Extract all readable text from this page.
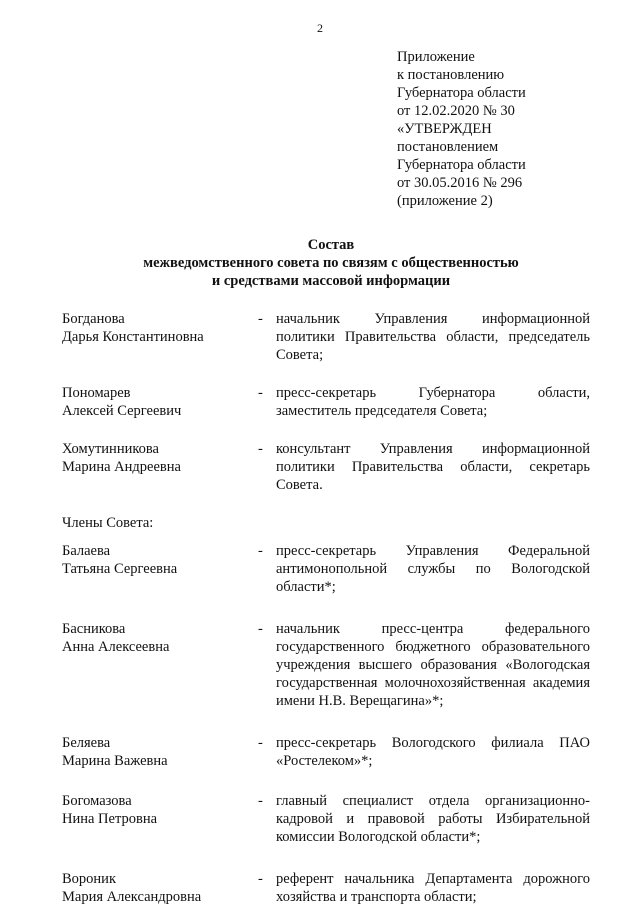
2
Приложение
к постановлению
Губернатора области
от 12.02.2020 № 30
«УТВЕРЖДЕН
постановлением
Губернатора области
от 30.05.2016 № 296
(приложение 2)
Состав
межведомственного совета по связям с общественностью
и средствами массовой информации
Богданова
Дарья Константиновна
- начальник Управления информационной политики Правительства области, председатель Совета;
Пономарев
Алексей Сергеевич
- пресс-секретарь Губернатора области, заместитель председателя Совета;
Хомутинникова
Марина Андреевна
- консультант Управления информационной политики Правительства области, секретарь Совета.
Члены Совета:
Балаева
Татьяна Сергеевна
- пресс-секретарь Управления Федеральной антимонопольной службы по Вологодской области*;
Басникова
Анна Алексеевна
- начальник пресс-центра федерального государственного бюджетного образовательного учреждения высшего образования «Вологодская государственная молочнохозяйственная академия имени Н.В. Верещагина»*;
Беляева
Марина Важевна
- пресс-секретарь Вологодского филиала ПАО «Ростелеком»*;
Богомазова
Нина Петровна
- главный специалист отдела организационно-кадровой и правовой работы Избирательной комиссии Вологодской области*;
Вороник
Мария Александровна
- референт начальника Департамента дорожного хозяйства и транспорта области;
